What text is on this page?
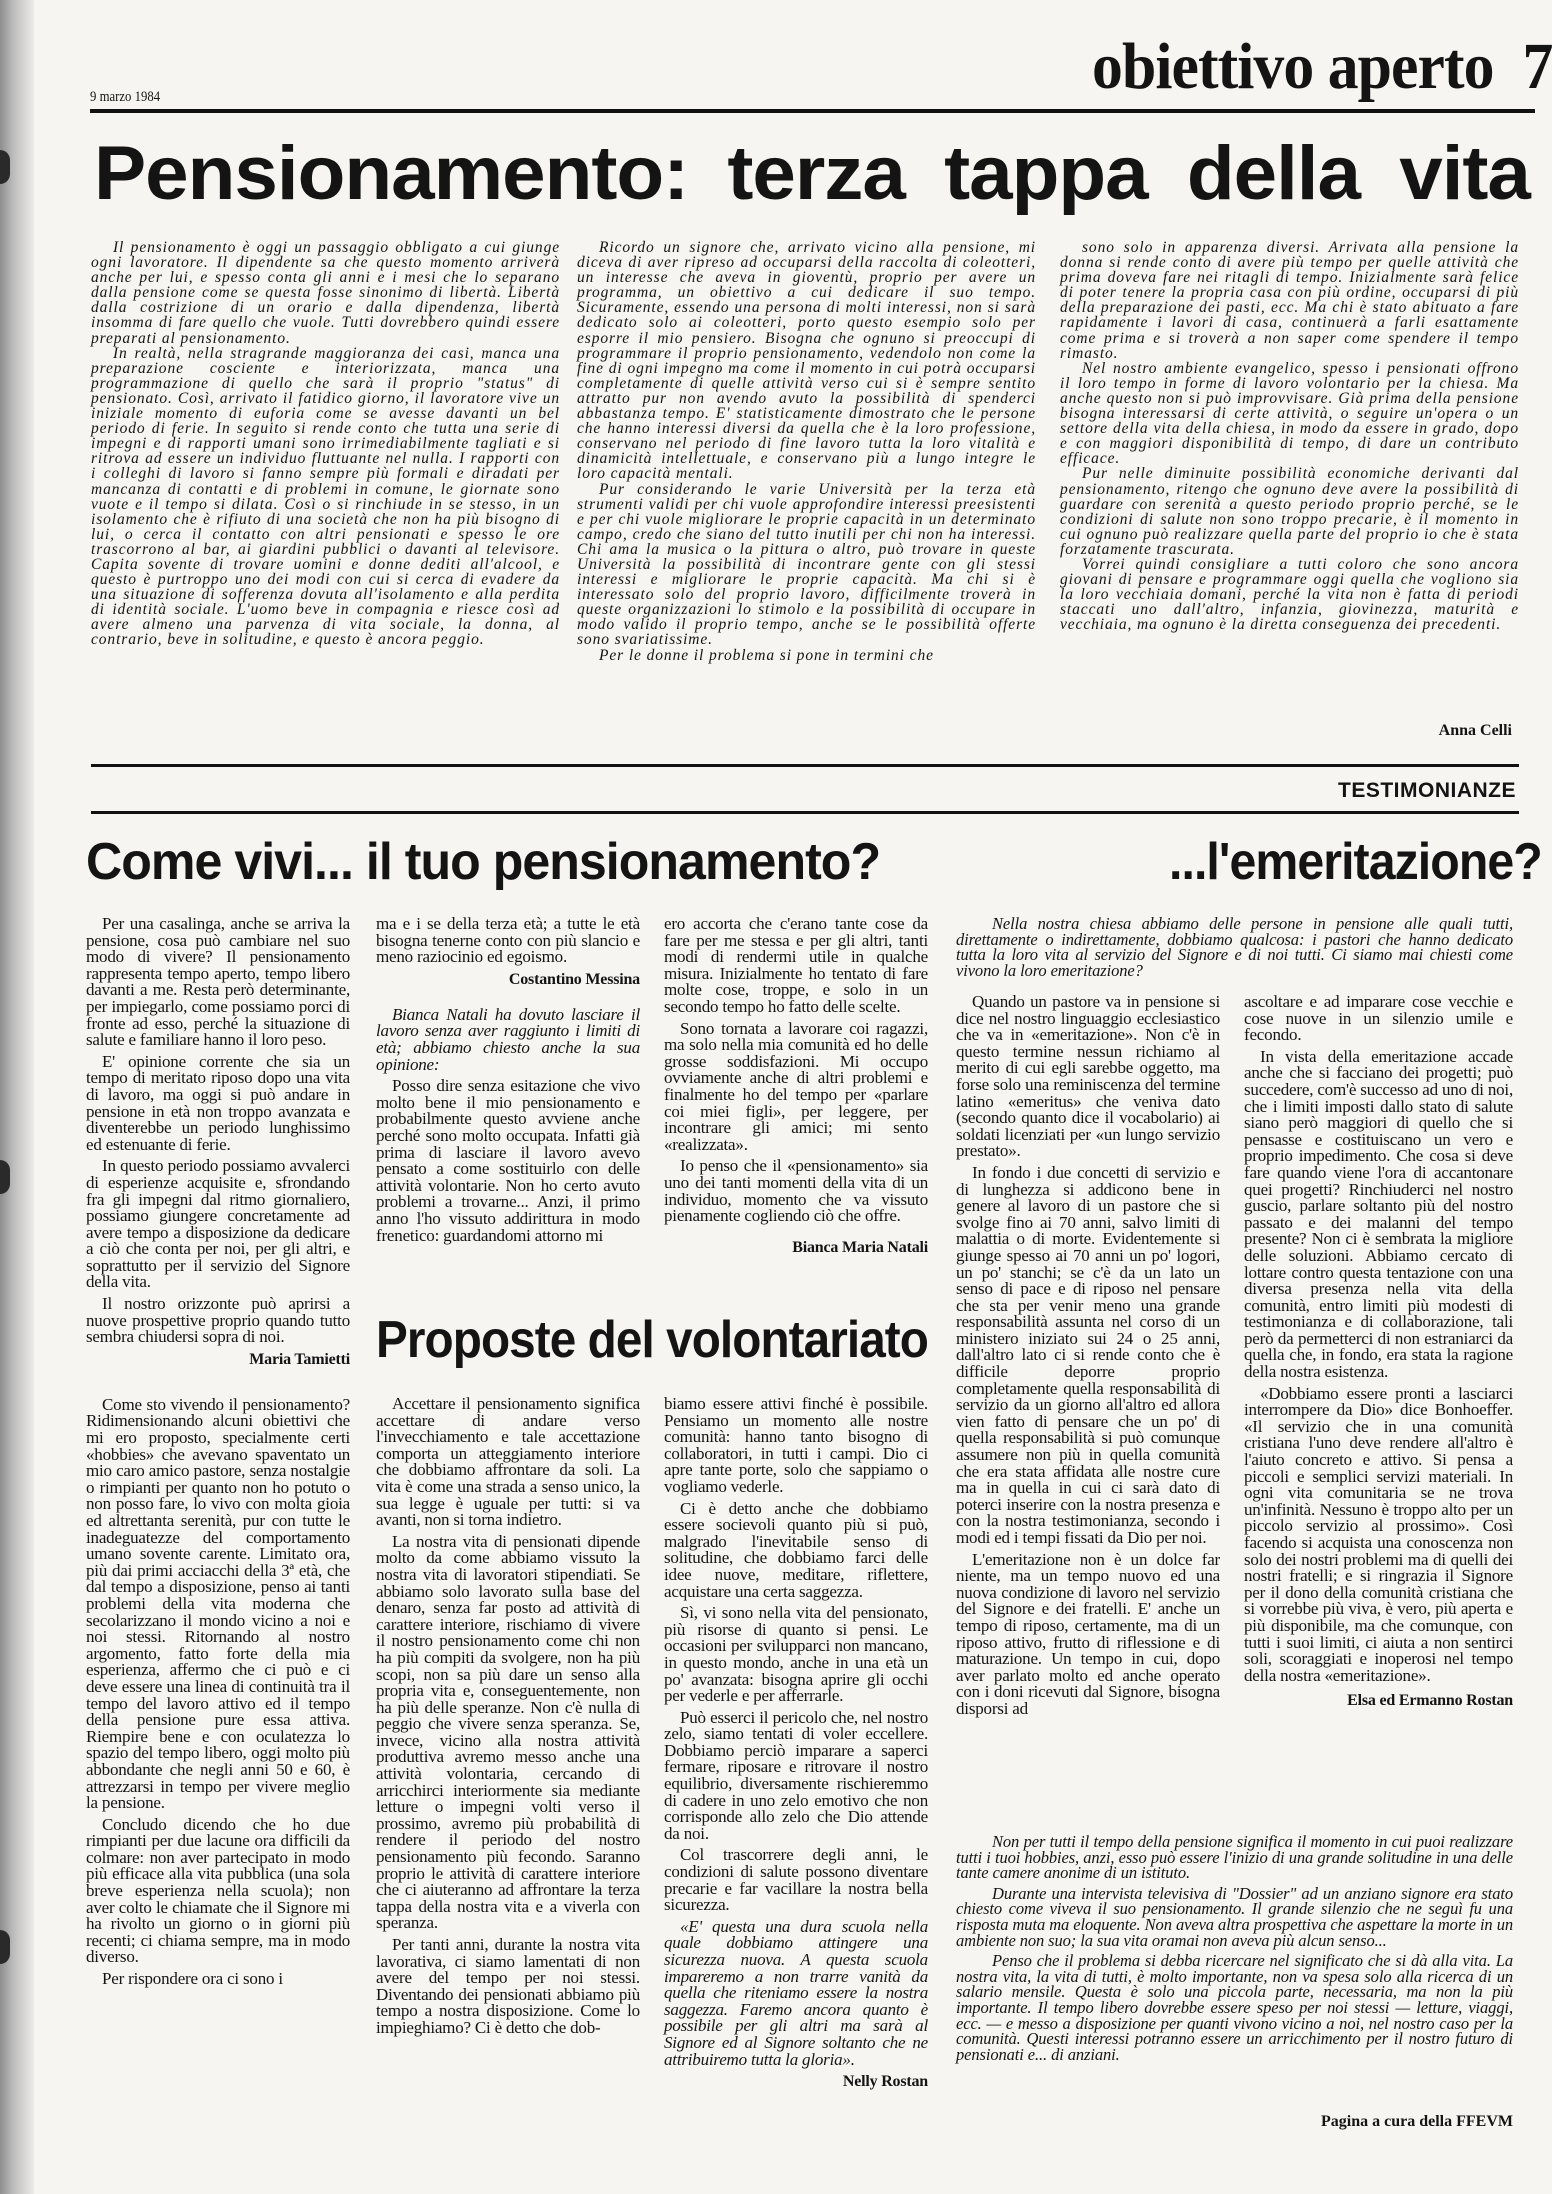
9 marzo 1984	obiettivo aperto 7
Pensionamento: terza tappa della vita

Il pensionamento è oggi un passaggio obbligato a cui giunge ogni lavoratore. Il dipendente sa che questo momento arriverà anche per lui, e spesso conta gli anni e i mesi che lo separano dalla pensione come se questa fosse sinonimo di libertà. Libertà dalla costrizione di un orario e dalla dipendenza, libertà insomma di fare quello che vuole. Tutti dovrebbero quindi essere preparati al pensionamento.

In realtà, nella stragrande maggioranza dei casi, manca una preparazione cosciente e interiorizzata, manca una programmazione di quello che sarà il proprio "status" di pensionato. Così, arrivato il fatidico giorno, il lavoratore vive un iniziale momento di euforia come se avesse davanti un bel periodo di ferie. In seguito si rende conto che tutta una serie di impegni e di rapporti umani sono irrimediabilmente tagliati e si ritrova ad essere un individuo fluttuante nel nulla. I rapporti con i colleghi di lavoro si fanno sempre più formali e diradati per mancanza di contatti e di problemi in comune, le giornate sono vuote e il tempo si dilata. Così o si rinchiude in se stesso, in un isolamento che è rifiuto di una società che non ha più bisogno di lui, o cerca il contatto con altri pensionati e spesso le ore trascorrono al bar, ai giardini pubblici o davanti al televisore. Capita sovente di trovare uomini e donne dediti all'alcool, e questo è purtroppo uno dei modi con cui si cerca di evadere da una situazione di sofferenza dovuta all'isolamento e alla perdita di identità sociale. L'uomo beve in compagnia e riesce così ad avere almeno una parvenza di vita sociale, la donna, al contrario, beve in solitudine, e questo è ancora peggio.

Ricordo un signore che, arrivato vicino alla pensione, mi diceva di aver ripreso ad occuparsi della raccolta di coleotteri, un interesse che aveva in gioventù, proprio per avere un programma, un obiettivo a cui dedicare il suo tempo. Sicuramente, essendo una persona di molti interessi, non si sarà dedicato solo ai coleotteri, porto questo esempio solo per esporre il mio pensiero. Bisogna che ognuno si preoccupi di programmare il proprio pensionamento, vedendolo non come la fine di ogni impegno ma come il momento in cui potrà occuparsi completamente di quelle attività verso cui si è sempre sentito attratto pur non avendo avuto la possibilità di spenderci abbastanza tempo. E' statisticamente dimostrato che le persone che hanno interessi diversi da quella che è la loro professione, conservano nel periodo di fine lavoro tutta la loro vitalità e dinamicità intellettuale, e conservano più a lungo integre le loro capacità mentali.

Pur considerando le varie Università per la terza età strumenti validi per chi vuole approfondire interessi preesistenti e per chi vuole migliorare le proprie capacità in un determinato campo, credo che siano del tutto inutili per chi non ha interessi. Chi ama la musica o la pittura o altro, può trovare in queste Università la possibilità di incontrare gente con gli stessi interessi e migliorare le proprie capacità. Ma chi si è interessato solo del proprio lavoro, difficilmente troverà in queste organizzazioni lo stimolo e la possibilità di occupare in modo valido il proprio tempo, anche se le possibilità offerte sono svariatissime.

Per le donne il problema si pone in termini che

sono solo in apparenza diversi. Arrivata alla pensione la donna si rende conto di avere più tempo per quelle attività che prima doveva fare nei ritagli di tempo. Inizialmente sarà felice di poter tenere la propria casa con più ordine, occuparsi di più della preparazione dei pasti, ecc. Ma chi è stato abituato a fare rapidamente i lavori di casa, continuerà a farli esattamente come prima e si troverà a non saper come spendere il tempo rimasto.

Nel nostro ambiente evangelico, spesso i pensionati offrono il loro tempo in forme di lavoro volontario per la chiesa. Ma anche questo non si può improvvisare. Già prima della pensione bisogna interessarsi di certe attività, o seguire un'opera o un settore della vita della chiesa, in modo da essere in grado, dopo e con maggiori disponibilità di tempo, di dare un contributo efficace.

Pur nelle diminuite possibilità economiche derivanti dal pensionamento, ritengo che ognuno deve avere la possibilità di guardare con serenità a questo periodo proprio perché, se le condizioni di salute non sono troppo precarie, è il momento in cui ognuno può realizzare quella parte del proprio io che è stata forzatamente trascurata.

Vorrei quindi consigliare a tutti coloro che sono ancora giovani di pensare e programmare oggi quella che vogliono sia la loro vecchiaia domani, perché la vita non è fatta di periodi staccati uno dall'altro, infanzia, giovinezza, maturità e vecchiaia, ma ognuno è la diretta conseguenza dei precedenti.

Anna Celli
TESTIMONIANZE
Come vivi... il tuo pensionamento?	...l'emeritazione?

Per una casalinga, anche se arriva la pensione, cosa può cambiare nel suo modo di vivere? Il pensionamento rappresenta tempo aperto, tempo libero davanti a me. Resta però determinante, per impiegarlo, come possiamo porci di fronte ad esso, perché la situazione di salute e familiare hanno il loro peso.

E' opinione corrente che sia un tempo di meritato riposo dopo una vita di lavoro, ma oggi si può andare in pensione in età non troppo avanzata e diventerebbe un periodo lunghissimo ed estenuante di ferie.

In questo periodo possiamo avvalerci di esperienze acquisite e, sfrondando fra gli impegni dal ritmo giornaliero, possiamo giungere concretamente ad avere tempo a disposizione da dedicare a ciò che conta per noi, per gli altri, e soprattutto per il servizio del Signore della vita.

Il nostro orizzonte può aprirsi a nuove prospettive proprio quando tutto sembra chiudersi sopra di noi.

Maria Tamietti

Come sto vivendo il pensionamento? Ridimensionando alcuni obiettivi che mi ero proposto, specialmente certi «hobbies» che avevano spaventato un mio caro amico pastore, senza nostalgie o rimpianti per quanto non ho potuto o non posso fare, lo vivo con molta gioia ed altrettanta serenità, pur con tutte le inadeguatezze del comportamento umano sovente carente. Limitato ora, più dai primi acciacchi della 3ª età, che dal tempo a disposizione, penso ai tanti problemi della vita moderna che secolarizzano il mondo vicino a noi e noi stessi. Ritornando al nostro argomento, fatto forte della mia esperienza, affermo che ci può e ci deve essere una linea di continuità tra il tempo del lavoro attivo ed il tempo della pensione pure essa attiva. Riempire bene e con oculatezza lo spazio del tempo libero, oggi molto più abbondante che negli anni 50 e 60, è attrezzarsi in tempo per vivere meglio la pensione.

Concludo dicendo che ho due rimpianti per due lacune ora difficili da colmare: non aver partecipato in modo più efficace alla vita pubblica (una sola breve esperienza nella scuola); non aver colto le chiamate che il Signore mi ha rivolto un giorno o in giorni più recenti; ci chiama sempre, ma in modo diverso.

Per rispondere ora ci sono i

ma e i se della terza età; a tutte le età bisogna tenerne conto con più slancio e meno raziocinio ed egoismo.

Costantino Messina

Bianca Natali ha dovuto lasciare il lavoro senza aver raggiunto i limiti di età; abbiamo chiesto anche la sua opinione:

Posso dire senza esitazione che vivo molto bene il mio pensionamento e probabilmente questo avviene anche perché sono molto occupata. Infatti già prima di lasciare il lavoro avevo pensato a come sostituirlo con delle attività volontarie. Non ho certo avuto problemi a trovarne... Anzi, il primo anno l'ho vissuto addirittura in modo frenetico: guardandomi attorno mi

ero accorta che c'erano tante cose da fare per me stessa e per gli altri, tanti modi di rendermi utile in qualche misura. Inizialmente ho tentato di fare molte cose, troppe, e solo in un secondo tempo ho fatto delle scelte.

Sono tornata a lavorare coi ragazzi, ma solo nella mia comunità ed ho delle grosse soddisfazioni. Mi occupo ovviamente anche di altri problemi e finalmente ho del tempo per «parlare coi miei figli», per leggere, per incontrare gli amici; mi sento «realizzata».

Io penso che il «pensionamento» sia uno dei tanti momenti della vita di un individuo, momento che va vissuto pienamente cogliendo ciò che offre.

Bianca Maria Natali
Proposte del volontariato

Accettare il pensionamento significa accettare di andare verso l'invecchiamento e tale accettazione comporta un atteggiamento interiore che dobbiamo affrontare da soli. La vita è come una strada a senso unico, la sua legge è uguale per tutti: si va avanti, non si torna indietro.

La nostra vita di pensionati dipende molto da come abbiamo vissuto la nostra vita di lavoratori stipendiati. Se abbiamo solo lavorato sulla base del denaro, senza far posto ad attività di carattere interiore, rischiamo di vivere il nostro pensionamento come chi non ha più compiti da svolgere, non ha più scopi, non sa più dare un senso alla propria vita e, conseguentemente, non ha più delle speranze. Non c'è nulla di peggio che vivere senza speranza. Se, invece, vicino alla nostra attività produttiva avremo messo anche una attività volontaria, cercando di arricchirci interiormente sia mediante letture o impegni volti verso il prossimo, avremo più probabilità di rendere il periodo del nostro pensionamento più fecondo. Saranno proprio le attività di carattere interiore che ci aiuteranno ad affrontare la terza tappa della nostra vita e a viverla con speranza.

Per tanti anni, durante la nostra vita lavorativa, ci siamo lamentati di non avere del tempo per noi stessi. Diventando dei pensionati abbiamo più tempo a nostra disposizione. Come lo impieghiamo? Ci è detto che dob-

biamo essere attivi finché è possibile. Pensiamo un momento alle nostre comunità: hanno tanto bisogno di collaboratori, in tutti i campi. Dio ci apre tante porte, solo che sappiamo o vogliamo vederle.

Ci è detto anche che dobbiamo essere socievoli quanto più si può, malgrado l'inevitabile senso di solitudine, che dobbiamo farci delle idee nuove, meditare, riflettere, acquistare una certa saggezza.

Sì, vi sono nella vita del pensionato, più risorse di quanto si pensi. Le occasioni per svilupparci non mancano, in questo mondo, anche in una età un po' avanzata: bisogna aprire gli occhi per vederle e per afferrarle.

Può esserci il pericolo che, nel nostro zelo, siamo tentati di voler eccellere. Dobbiamo perciò imparare a saperci fermare, riposare e ritrovare il nostro equilibrio, diversamente rischieremmo di cadere in uno zelo emotivo che non corrisponde allo zelo che Dio attende da noi.

Col trascorrere degli anni, le condizioni di salute possono diventare precarie e far vacillare la nostra bella sicurezza.

«E' questa una dura scuola nella quale dobbiamo attingere una sicurezza nuova. A questa scuola impareremo a non trarre vanità da quella che riteniamo essere la nostra saggezza. Faremo ancora quanto è possibile per gli altri ma sarà al Signore ed al Signore soltanto che ne attribuiremo tutta la gloria».

Nelly Rostan

Nella nostra chiesa abbiamo delle persone in pensione alle quali tutti, direttamente o indirettamente, dobbiamo qualcosa: i pastori che hanno dedicato tutta la loro vita al servizio del Signore e di noi tutti. Ci siamo mai chiesti come vivono la loro emeritazione?

Quando un pastore va in pensione si dice nel nostro linguaggio ecclesiastico che va in «emeritazione». Non c'è in questo termine nessun richiamo al merito di cui egli sarebbe oggetto, ma forse solo una reminiscenza del termine latino «emeritus» che veniva dato (secondo quanto dice il vocabolario) ai soldati licenziati per «un lungo servizio prestato».

In fondo i due concetti di servizio e di lunghezza si addicono bene in genere al lavoro di un pastore che si svolge fino ai 70 anni, salvo limiti di malattia o di morte. Evidentemente si giunge spesso ai 70 anni un po' logori, un po' stanchi; se c'è da un lato un senso di pace e di riposo nel pensare che sta per venir meno una grande responsabilità assunta nel corso di un ministero iniziato sui 24 o 25 anni, dall'altro lato ci si rende conto che è difficile deporre proprio completamente quella responsabilità di servizio da un giorno all'altro ed allora vien fatto di pensare che un po' di quella responsabilità si può comunque assumere non più in quella comunità che era stata affidata alle nostre cure ma in quella in cui ci sarà dato di poterci inserire con la nostra presenza e con la nostra testimonianza, secondo i modi ed i tempi fissati da Dio per noi.

L'emeritazione non è un dolce far niente, ma un tempo nuovo ed una nuova condizione di lavoro nel servizio del Signore e dei fratelli. E' anche un tempo di riposo, certamente, ma di un riposo attivo, frutto di riflessione e di maturazione. Un tempo in cui, dopo aver parlato molto ed anche operato con i doni ricevuti dal Signore, bisogna disporsi ad

ascoltare e ad imparare cose vecchie e cose nuove in un silenzio umile e fecondo.

In vista della emeritazione accade anche che si facciano dei progetti; può succedere, com'è successo ad uno di noi, che i limiti imposti dallo stato di salute siano però maggiori di quello che si pensasse e costituiscano un vero e proprio impedimento. Che cosa si deve fare quando viene l'ora di accantonare quei progetti? Rinchiuderci nel nostro guscio, parlare soltanto più del nostro passato e dei malanni del tempo presente? Non ci è sembrata la migliore delle soluzioni. Abbiamo cercato di lottare contro questa tentazione con una diversa presenza nella vita della comunità, entro limiti più modesti di testimonianza e di collaborazione, tali però da permetterci di non estraniarci da quella che, in fondo, era stata la ragione della nostra esistenza.

«Dobbiamo essere pronti a lasciarci interrompere da Dio» dice Bonhoeffer. «Il servizio che in una comunità cristiana l'uno deve rendere all'altro è l'aiuto concreto e attivo. Si pensa a piccoli e semplici servizi materiali. In ogni vita comunitaria se ne trova un'infinità. Nessuno è troppo alto per un piccolo servizio al prossimo». Così facendo si acquista una conoscenza non solo dei nostri problemi ma di quelli dei nostri fratelli; e si ringrazia il Signore per il dono della comunità cristiana che si vorrebbe più viva, è vero, più aperta e più disponibile, ma che comunque, con tutti i suoi limiti, ci aiuta a non sentirci soli, scoraggiati e inoperosi nel tempo della nostra «emeritazione».

Elsa ed Ermanno Rostan

Non per tutti il tempo della pensione significa il momento in cui puoi realizzare tutti i tuoi hobbies, anzi, esso può essere l'inizio di una grande solitudine in una delle tante camere anonime di un istituto.

Durante una intervista televisiva di "Dossier" ad un anziano signore era stato chiesto come viveva il suo pensionamento. Il grande silenzio che ne seguì fu una risposta muta ma eloquente. Non aveva altra prospettiva che aspettare la morte in un ambiente non suo; la sua vita oramai non aveva più alcun senso...

Penso che il problema si debba ricercare nel significato che si dà alla vita. La nostra vita, la vita di tutti, è molto importante, non va spesa solo alla ricerca di un salario mensile. Questa è solo una piccola parte, necessaria, ma non la più importante. Il tempo libero dovrebbe essere speso per noi stessi — letture, viaggi, ecc. — e messo a disposizione per quanti vivono vicino a noi, nel nostro caso per la comunità. Questi interessi potranno essere un arricchimento per il nostro futuro di pensionati e... di anziani.

Pagina a cura della FFEVM
